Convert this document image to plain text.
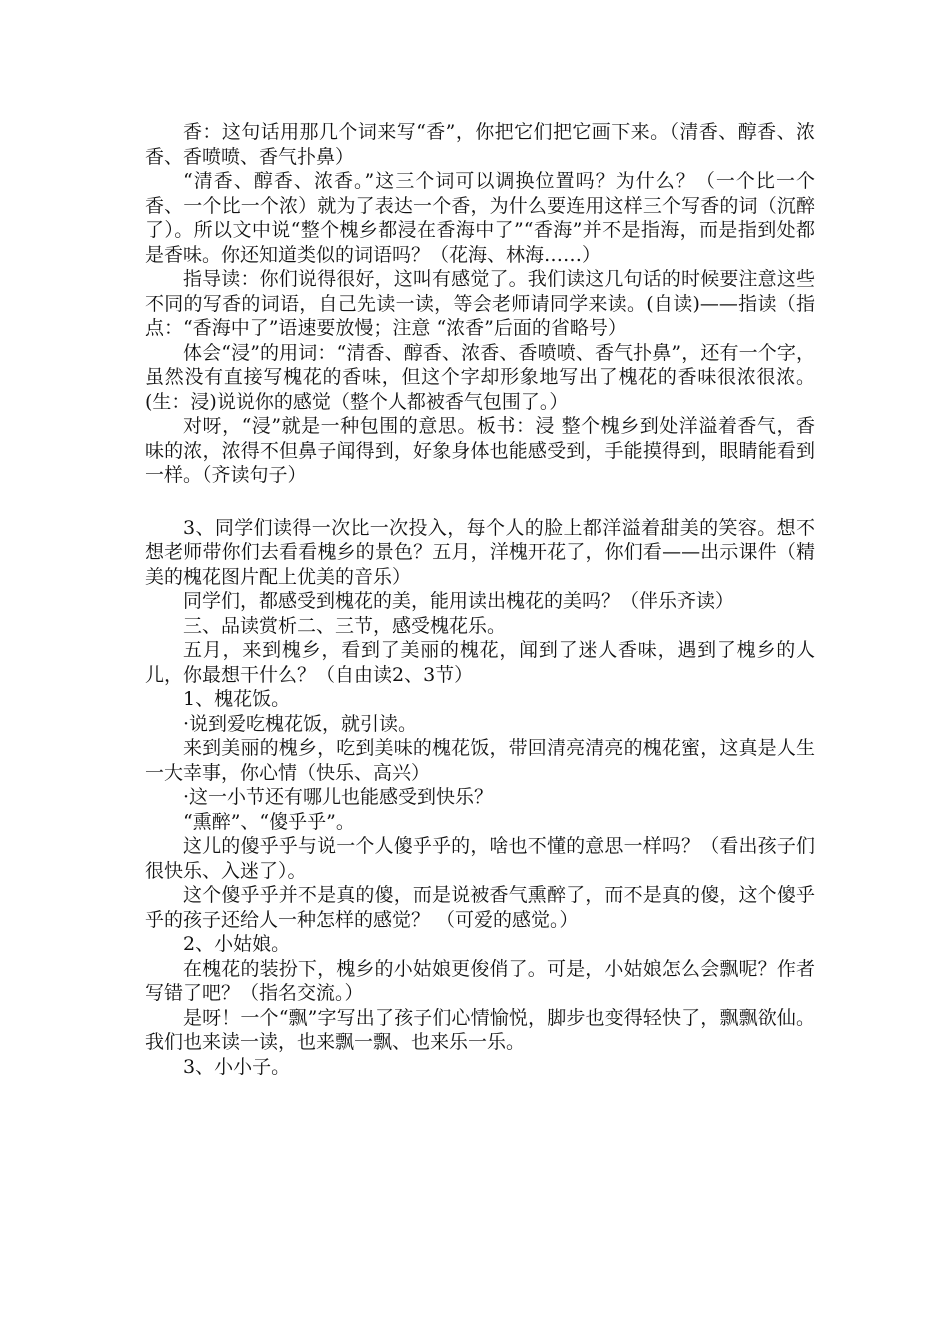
香：这句话用那几个词来写“香”，你把它们把它画下来。（清香、醇香、浓香、香喷喷、香气扑鼻）

“清香、醇香、浓香。”这三个词可以调换位置吗？为什么？（一个比一个香、一个比一个浓）就为了表达一个香，为什么要连用这样三个写香的词（沉醉了）。所以文中说“整个槐乡都浸在香海中了”“香海”并不是指海，而是指到处都是香味。你还知道类似的词语吗？（花海、林海……）

指导读：你们说得很好，这叫有感觉了。我们读这几句话的时候要注意这些不同的写香的词语，自己先读一读，等会老师请同学来读。(自读)——指读（指点：“香海中了”语速要放慢；注意 “浓香”后面的省略号）

体会“浸”的用词：“清香、醇香、浓香、香喷喷、香气扑鼻”，还有一个字，虽然没有直接写槐花的香味，但这个字却形象地写出了槐花的香味很浓很浓。(生：浸)说说你的感觉（整个人都被香气包围了。）

对呀，“浸”就是一种包围的意思。板书：浸 整个槐乡到处洋溢着香气，香味的浓，浓得不但鼻子闻得到，好象身体也能感受到，手能摸得到，眼睛能看到一样。（齐读句子）

3、同学们读得一次比一次投入，每个人的脸上都洋溢着甜美的笑容。想不想老师带你们去看看槐乡的景色？五月，洋槐开花了，你们看——出示课件（精美的槐花图片配上优美的音乐）

同学们，都感受到槐花的美，能用读出槐花的美吗？（伴乐齐读）

三、品读赏析二、三节，感受槐花乐。

五月，来到槐乡，看到了美丽的槐花，闻到了迷人香味，遇到了槐乡的人儿，你最想干什么？（自由读2、3节）

1、槐花饭。

·说到爱吃槐花饭，就引读。

来到美丽的槐乡，吃到美味的槐花饭，带回清亮清亮的槐花蜜，这真是人生一大幸事，你心情（快乐、高兴）

·这一小节还有哪儿也能感受到快乐？

“熏醉”、“傻乎乎”。

这儿的傻乎乎与说一个人傻乎乎的，啥也不懂的意思一样吗？（看出孩子们很快乐、入迷了）。

这个傻乎乎并不是真的傻，而是说被香气熏醉了，而不是真的傻，这个傻乎乎的孩子还给人一种怎样的感觉？ （可爱的感觉。）

2、小姑娘。

在槐花的装扮下，槐乡的小姑娘更俊俏了。可是，小姑娘怎么会飘呢？作者写错了吧？（指名交流。）

是呀！一个“飘”字写出了孩子们心情愉悦，脚步也变得轻快了，飘飘欲仙。我们也来读一读，也来飘一飘、也来乐一乐。

3、小小子。
